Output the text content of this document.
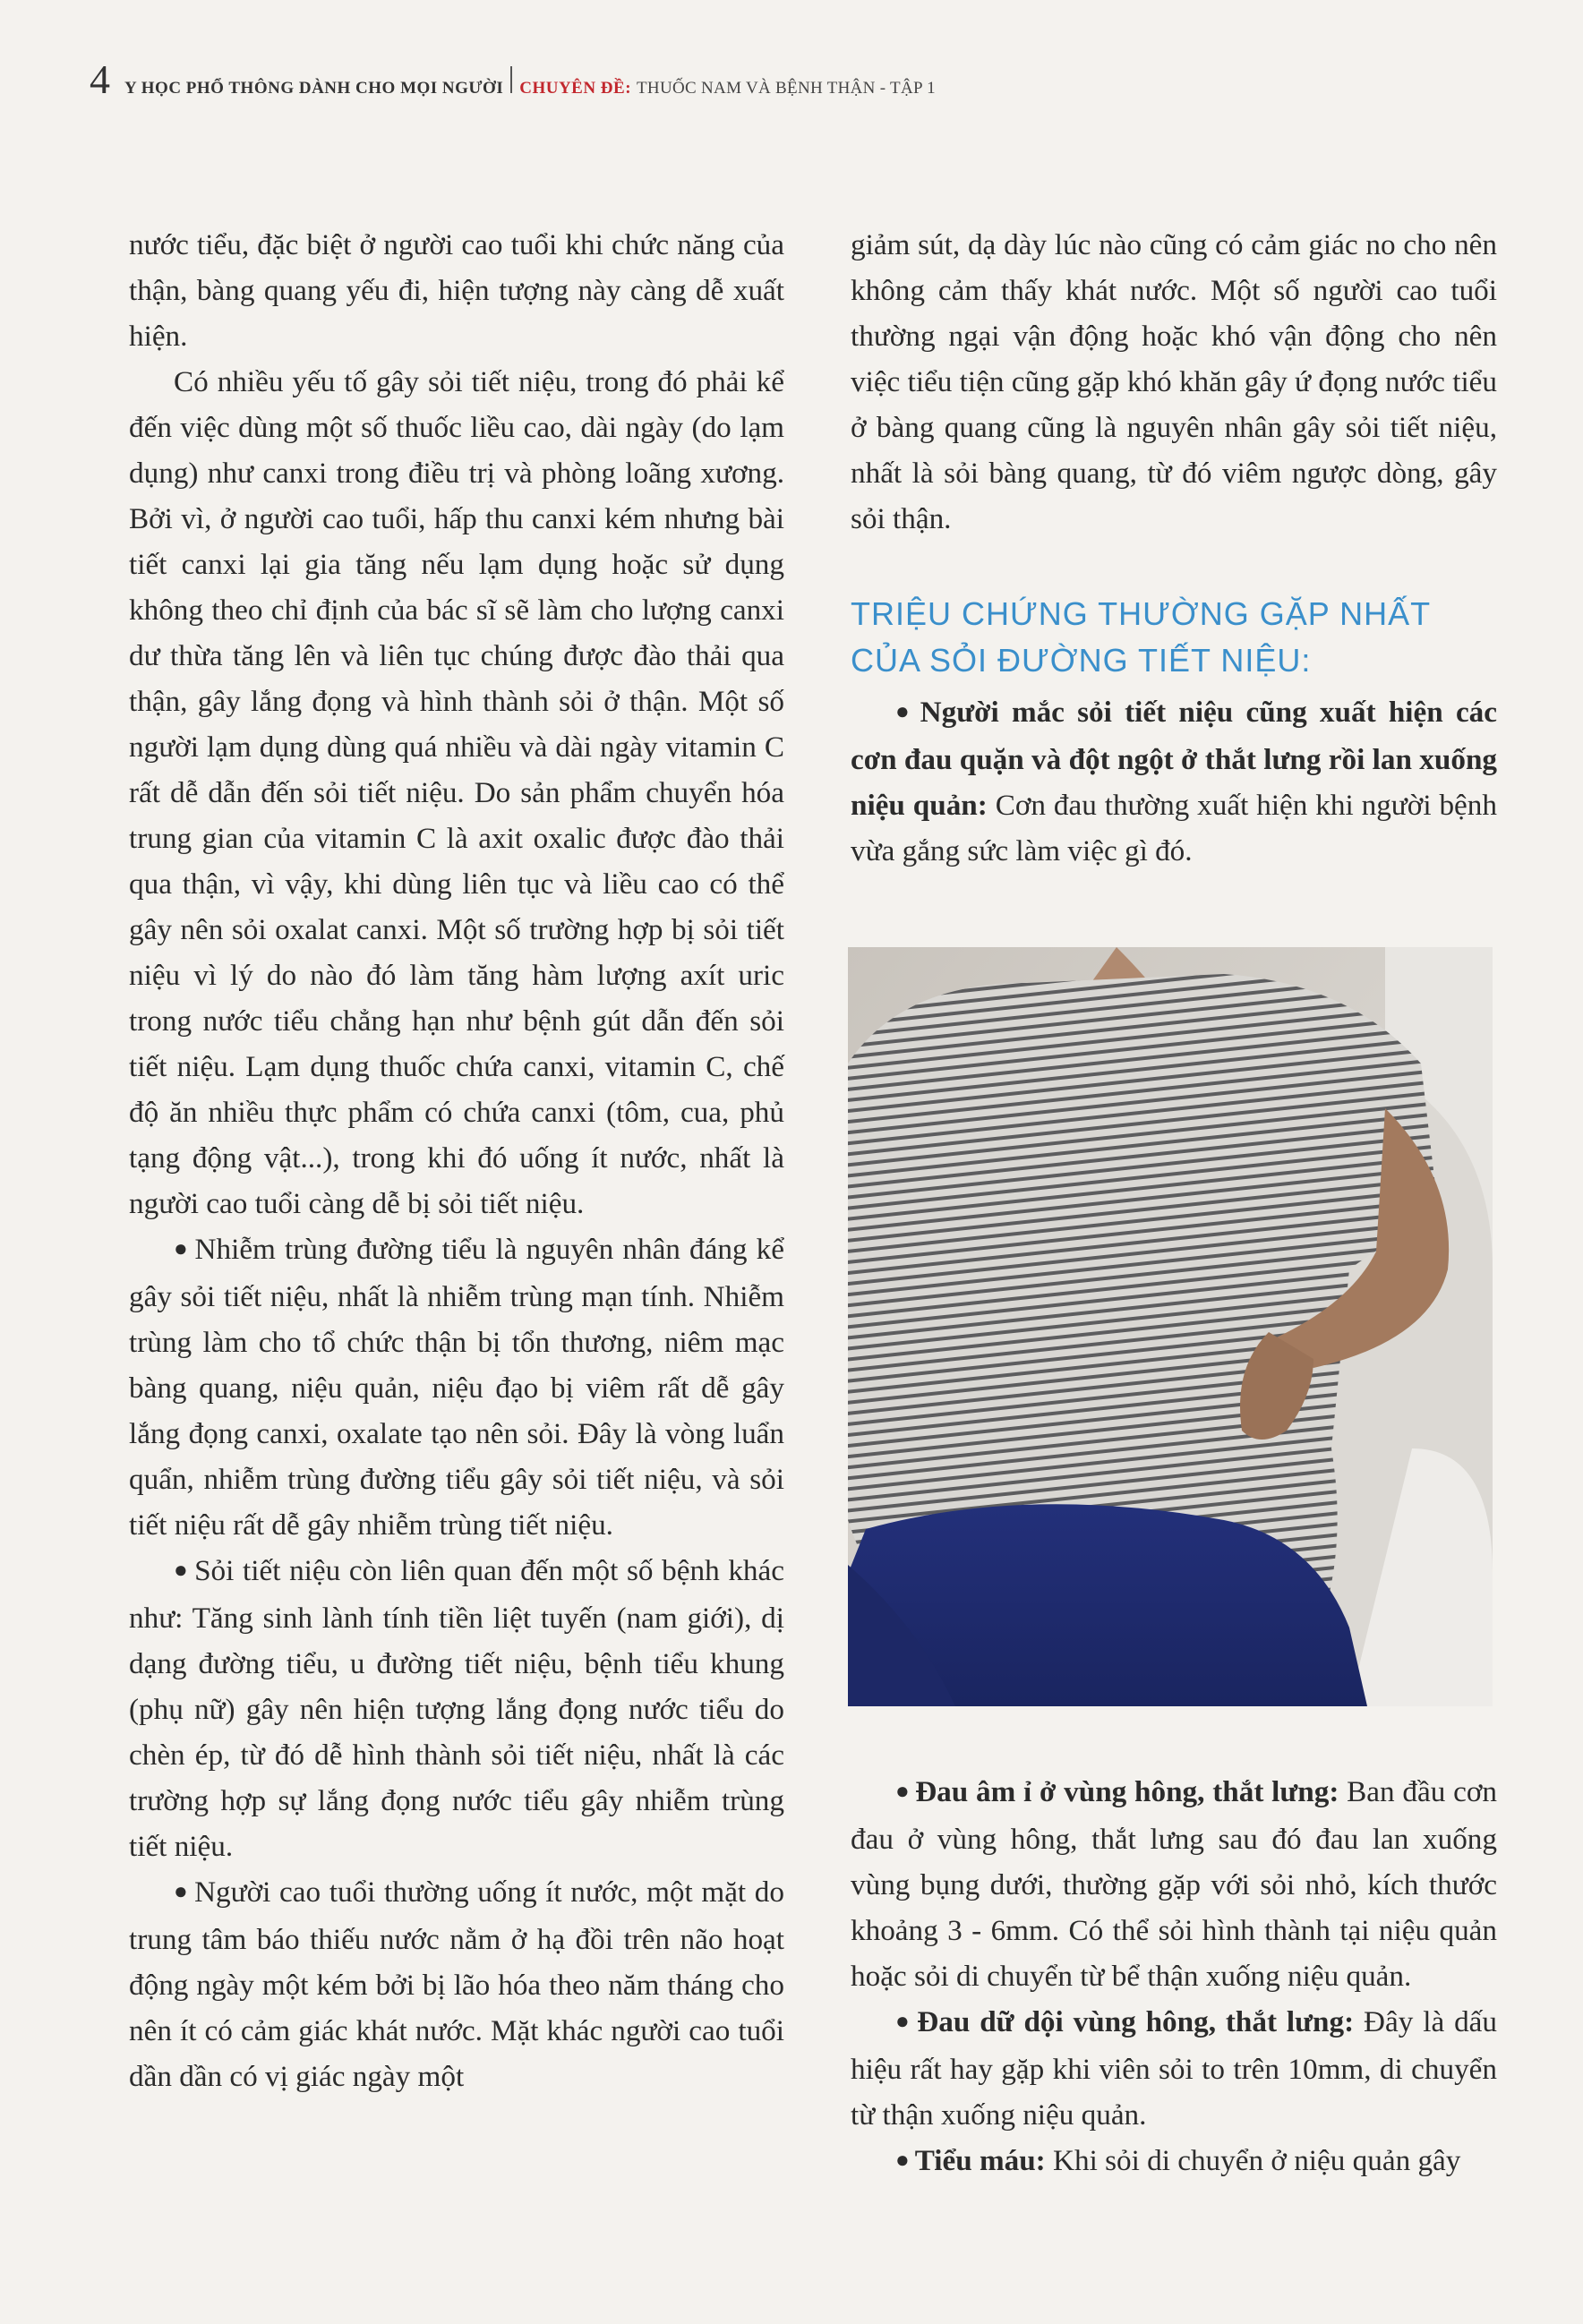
4 Y HỌC PHỔ THÔNG DÀNH CHO MỌI NGƯỜI CHUYÊN ĐỀ: THUỐC NAM VÀ BỆNH THẬN - TẬP 1

nước tiểu, đặc biệt ở người cao tuổi khi chức năng của thận, bàng quang yếu đi, hiện tượng này càng dễ xuất hiện.

Có nhiều yếu tố gây sỏi tiết niệu, trong đó phải kể đến việc dùng một số thuốc liều cao, dài ngày (do lạm dụng) như canxi trong điều trị và phòng loãng xương. Bởi vì, ở người cao tuổi, hấp thu canxi kém nhưng bài tiết canxi lại gia tăng nếu lạm dụng hoặc sử dụng không theo chỉ định của bác sĩ sẽ làm cho lượng canxi dư thừa tăng lên và liên tục chúng được đào thải qua thận, gây lắng đọng và hình thành sỏi ở thận. Một số người lạm dụng dùng quá nhiều và dài ngày vitamin C rất dễ dẫn đến sỏi tiết niệu. Do sản phẩm chuyển hóa trung gian của vitamin C là axit oxalic được đào thải qua thận, vì vậy, khi dùng liên tục và liều cao có thể gây nên sỏi oxalat canxi. Một số trường hợp bị sỏi tiết niệu vì lý do nào đó làm tăng hàm lượng axít uric trong nước tiểu chẳng hạn như bệnh gút dẫn đến sỏi tiết niệu. Lạm dụng thuốc chứa canxi, vitamin C, chế độ ăn nhiều thực phẩm có chứa canxi (tôm, cua, phủ tạng động vật...), trong khi đó uống ít nước, nhất là người cao tuổi càng dễ bị sỏi tiết niệu.

● Nhiễm trùng đường tiểu là nguyên nhân đáng kể gây sỏi tiết niệu, nhất là nhiễm trùng mạn tính. Nhiễm trùng làm cho tổ chức thận bị tổn thương, niêm mạc bàng quang, niệu quản, niệu đạo bị viêm rất dễ gây lắng đọng canxi, oxalate tạo nên sỏi. Đây là vòng luẩn quẩn, nhiễm trùng đường tiểu gây sỏi tiết niệu, và sỏi tiết niệu rất dễ gây nhiễm trùng tiết niệu.

● Sỏi tiết niệu còn liên quan đến một số bệnh khác như: Tăng sinh lành tính tiền liệt tuyến (nam giới), dị dạng đường tiểu, u đường tiết niệu, bệnh tiểu khung (phụ nữ) gây nên hiện tượng lắng đọng nước tiểu do chèn ép, từ đó dễ hình thành sỏi tiết niệu, nhất là các trường hợp sự lắng đọng nước tiểu gây nhiễm trùng tiết niệu.

● Người cao tuổi thường uống ít nước, một mặt do trung tâm báo thiếu nước nằm ở hạ đồi trên não hoạt động ngày một kém bởi bị lão hóa theo năm tháng cho nên ít có cảm giác khát nước. Mặt khác người cao tuổi dần dần có vị giác ngày một

giảm sút, dạ dày lúc nào cũng có cảm giác no cho nên không cảm thấy khát nước. Một số người cao tuổi thường ngại vận động hoặc khó vận động cho nên việc tiểu tiện cũng gặp khó khăn gây ứ đọng nước tiểu ở bàng quang cũng là nguyên nhân gây sỏi tiết niệu, nhất là sỏi bàng quang, từ đó viêm ngược dòng, gây sỏi thận.

TRIỆU CHỨNG THƯỜNG GẶP NHẤT CỦA SỎI ĐƯỜNG TIẾT NIỆU:

● Người mắc sỏi tiết niệu cũng xuất hiện các cơn đau quặn và đột ngột ở thắt lưng rồi lan xuống niệu quản: Cơn đau thường xuất hiện khi người bệnh vừa gắng sức làm việc gì đó.

● Đau âm ỉ ở vùng hông, thắt lưng: Ban đầu cơn đau ở vùng hông, thắt lưng sau đó đau lan xuống vùng bụng dưới, thường gặp với sỏi nhỏ, kích thước khoảng 3 - 6mm. Có thể sỏi hình thành tại niệu quản hoặc sỏi di chuyển từ bể thận xuống niệu quản.

● Đau dữ dội vùng hông, thắt lưng: Đây là dấu hiệu rất hay gặp khi viên sỏi to trên 10mm, di chuyển từ thận xuống niệu quản.

● Tiểu máu: Khi sỏi di chuyển ở niệu quản gây
